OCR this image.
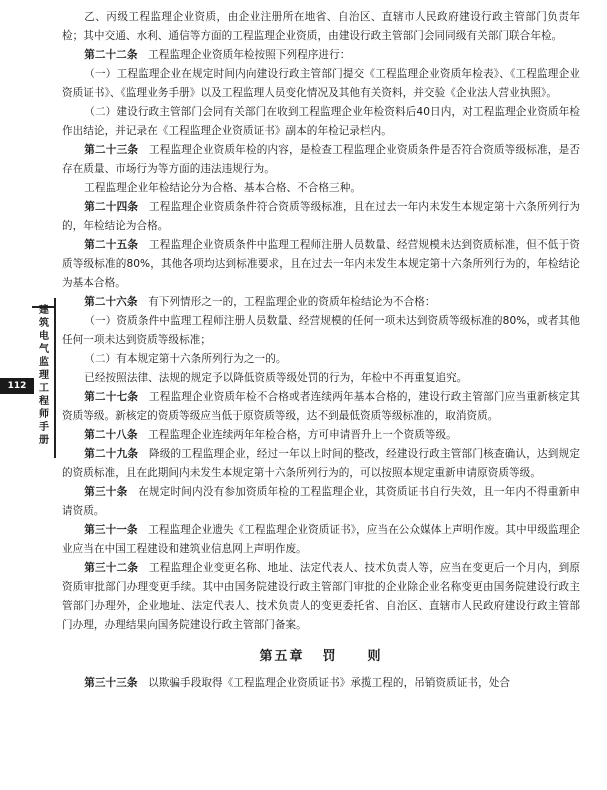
112
建
筑
电
气
监
理
工
程
师
手
册

乙、丙级工程监理企业资质，由企业注册所在地省、自治区、直辖市人民政府建设行政主管部门负责年检；其中交通、水利、通信等方面的工程监理企业资质，由建设行政主管部门会同同级有关部门联合年检。

第二十二条　 工程监理企业资质年检按照下列程序进行：

（一）工程监理企业在规定时间内向建设行政主管部门提交《工程监理企业资质年检表》、《工程监理企业资质证书》、《监理业务手册》以及工程监理人员变化情况及其他有关资料，并交验《企业法人营业执照》。

（二）建设行政主管部门会同有关部门在收到工程监理企业年检资料后40日内，对工程监理企业资质年检作出结论，并记录在《工程监理企业资质证书》副本的年检记录栏内。

第二十三条　 工程监理企业资质年检的内容，是检查工程监理企业资质条件是否符合资质等级标准，是否存在质量、市场行为等方面的违法违规行为。

工程监理企业年检结论分为合格、基本合格、不合格三种。

第二十四条　 工程监理企业资质条件符合资质等级标准，且在过去一年内未发生本规定第十六条所列行为的，年检结论为合格。

第二十五条　 工程监理企业资质条件中监理工程师注册人员数量、经营规模未达到资质标准，但不低于资质等级标准的80%，其他各项均达到标准要求，且在过去一年内未发生本规定第十六条所列行为的，年检结论为基本合格。

第二十六条　 有下列情形之一的，工程监理企业的资质年检结论为不合格：

（一）资质条件中监理工程师注册人员数量、经营规模的任何一项未达到资质等级标准的80%，或者其他任何一项未达到资质等级标准；

（二）有本规定第十六条所列行为之一的。

已经按照法律、法规的规定予以降低资质等级处罚的行为，年检中不再重复追究。

第二十七条　 工程监理企业资质年检不合格或者连续两年基本合格的，建设行政主管部门应当重新核定其资质等级。新核定的资质等级应当低于原资质等级，达不到最低资质等级标准的，取消资质。

第二十八条　 工程监理企业连续两年年检合格，方可申请晋升上一个资质等级。

第二十九条　 降级的工程监理企业，经过一年以上时间的整改，经建设行政主管部门核查确认，达到规定的资质标准，且在此期间内未发生本规定第十六条所列行为的，可以按照本规定重新申请原资质等级。

第三十条　 在规定时间内没有参加资质年检的工程监理企业，其资质证书自行失效，且一年内不得重新申请资质。

第三十一条　 工程监理企业遗失《工程监理企业资质证书》，应当在公众媒体上声明作废。其中甲级监理企业应当在中国工程建设和建筑业信息网上声明作废。

第三十二条　 工程监理企业变更名称、地址、法定代表人、技术负责人等，应当在变更后一个月内，到原资质审批部门办理变更手续。其中由国务院建设行政主管部门审批的企业除企业名称变更由国务院建设行政主管部门办理外，企业地址、法定代表人、技术负责人的变更委托省、自治区、直辖市人民政府建设行政主管部门办理，办理结果向国务院建设行政主管部门备案。

第五章 罚　　则

第三十三条　 以欺骗手段取得《工程监理企业资质证书》承揽工程的，吊销资质证书，处合
